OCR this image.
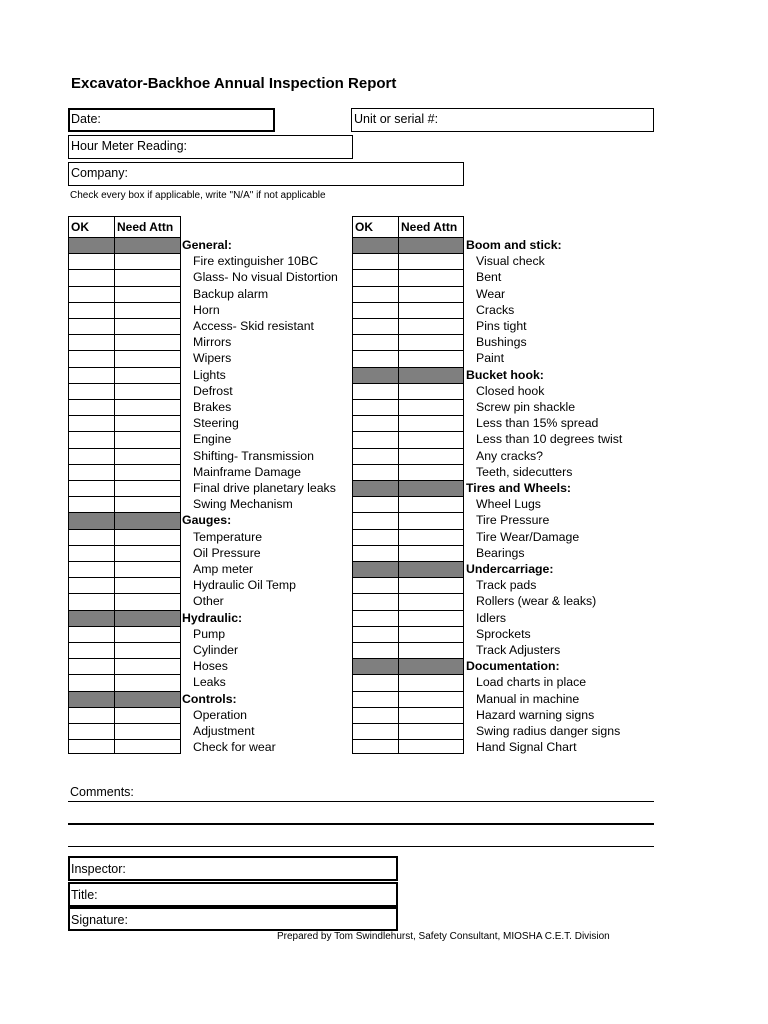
Excavator-Backhoe Annual Inspection Report
Date:	Unit or serial #:
Hour Meter Reading:
Company:
Check every box if applicable, write "N/A" if not applicable
OK Need Attn
General:
Fire extinguisher 10BC
Glass- No visual Distortion
Backup alarm
Horn
Access- Skid resistant
Mirrors
Wipers
Lights
Defrost
Brakes
Steering
Engine
Shifting- Transmission
Mainframe Damage
Final drive planetary leaks
Swing Mechanism
Gauges:
Temperature
Oil Pressure
Amp meter
Hydraulic Oil Temp
Other
Hydraulic:
Pump
Cylinder
Hoses
Leaks
Controls:
Operation
Adjustment
Check for wear
OK Need Attn
Boom and stick:
Visual check
Bent
Wear
Cracks
Pins tight
Bushings
Paint
Bucket hook:
Closed hook
Screw pin shackle
Less than 15% spread
Less than 10 degrees twist
Any cracks?
Teeth, sidecutters
Tires and Wheels:
Wheel Lugs
Tire Pressure
Tire Wear/Damage
Bearings
Undercarriage:
Track pads
Rollers (wear & leaks)
Idlers
Sprockets
Track Adjusters
Documentation:
Load charts in place
Manual in machine
Hazard warning signs
Swing radius danger signs
Hand Signal Chart
Comments:
Inspector:
Title:
Signature:
Prepared by Tom Swindlehurst, Safety Consultant, MIOSHA C.E.T. Division
